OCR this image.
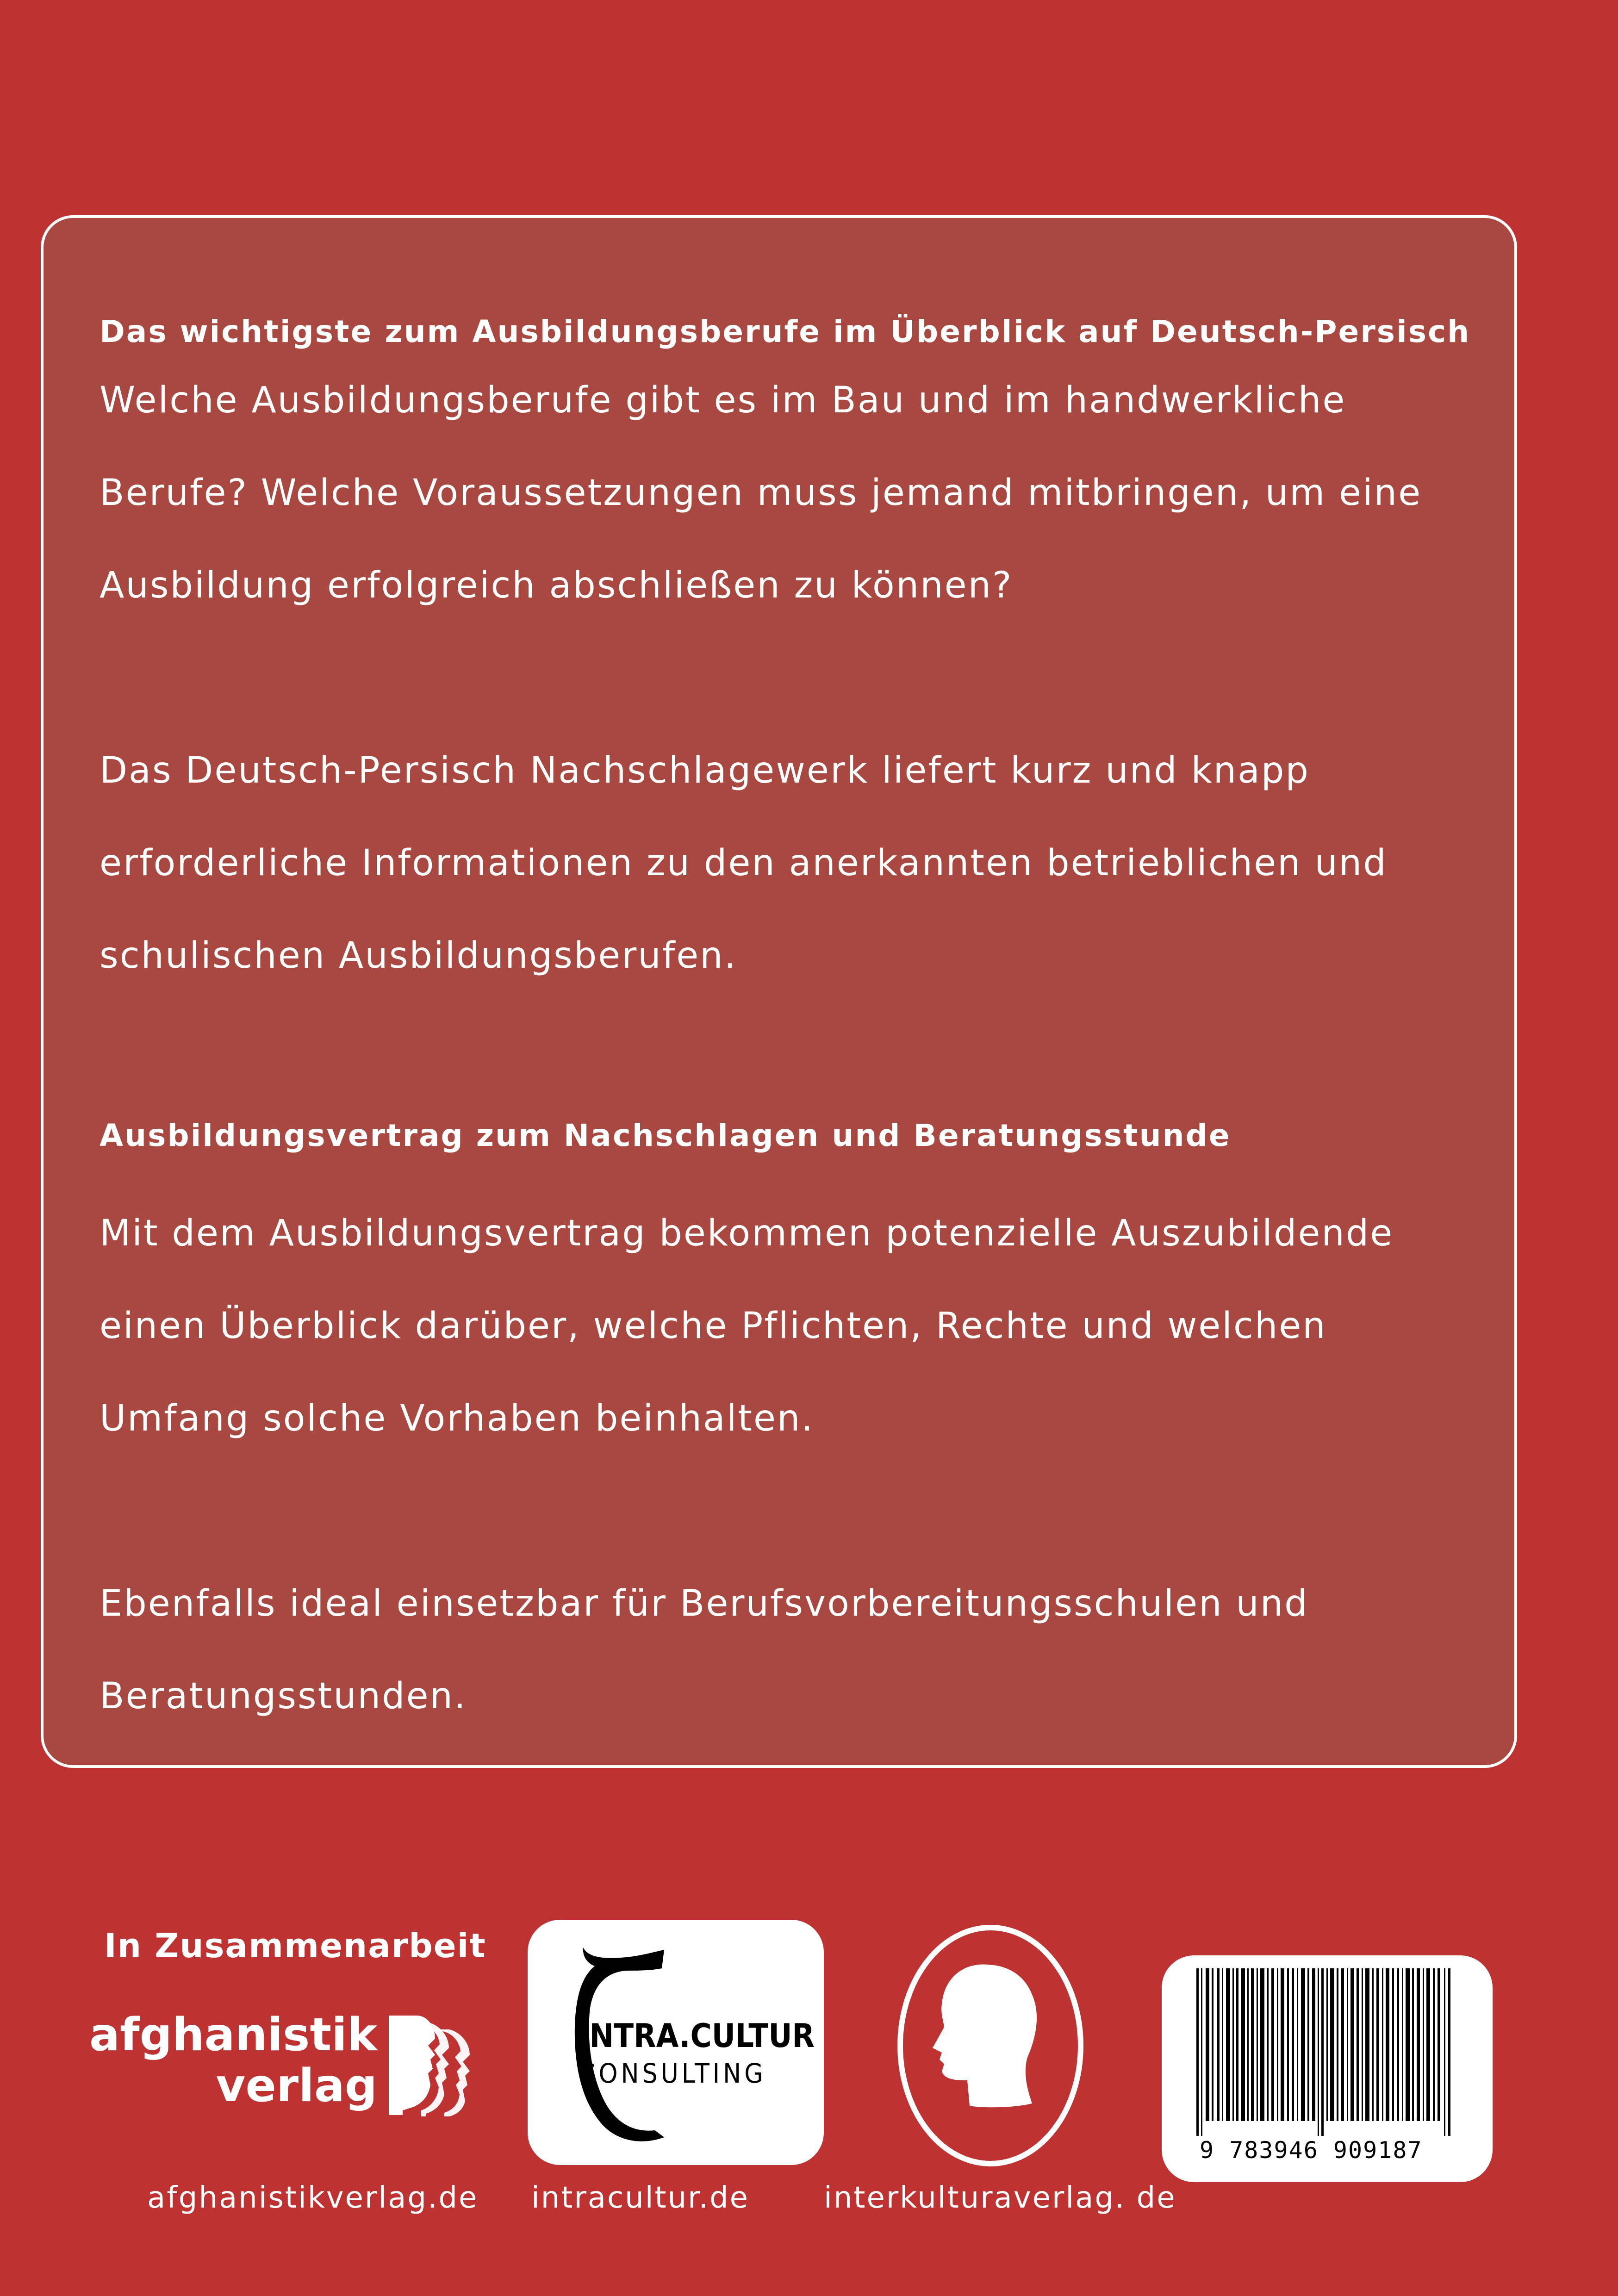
Das wichtigste zum Ausbildungsberufe im Überblick auf Deutsch-Persisch

Welche Ausbildungsberufe gibt es im Bau und im handwerkliche

Berufe? Welche Voraussetzungen muss jemand mitbringen, um eine

Ausbildung erfolgreich abschließen zu können?

Das Deutsch-Persisch Nachschlagewerk liefert kurz und knapp

erforderliche Informationen zu den anerkannten betrieblichen und

schulischen Ausbildungsberufen.

Ausbildungsvertrag zum Nachschlagen und Beratungsstunde

Mit dem Ausbildungsvertrag bekommen potenzielle Auszubildende

einen Überblick darüber, welche Pflichten, Rechte und welchen

Umfang solche Vorhaben beinhalten.

Ebenfalls ideal einsetzbar für Berufsvorbereitungsschulen und

Beratungsstunden.

In Zusammenarbeit
afghanistik
verlag
afghanistikverlag.de
INTRA.CULTUR
CONSULTING
intracultur.de	interkulturaverlag. de
9 783946 909187
